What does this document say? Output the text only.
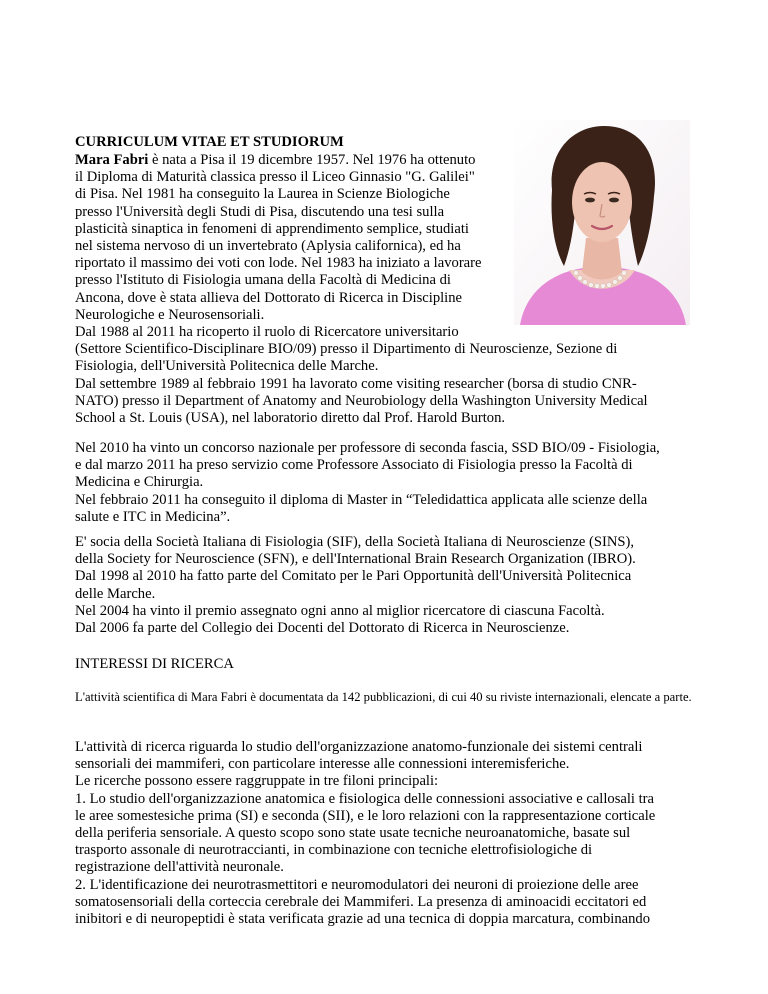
CURRICULUM VITAE ET STUDIORUM

Mara Fabri è nata a Pisa il 19 dicembre 1957. Nel 1976 ha ottenuto

il Diploma di Maturità classica presso il Liceo Ginnasio "G. Galilei"

di Pisa. Nel 1981 ha conseguito la Laurea in Scienze Biologiche

presso l'Università degli Studi di Pisa, discutendo una tesi sulla

plasticità sinaptica in fenomeni di apprendimento semplice, studiati

nel sistema nervoso di un invertebrato (Aplysia californica), ed ha

riportato il massimo dei voti con lode. Nel 1983 ha iniziato a lavorare

presso l'Istituto di Fisiologia umana della Facoltà di Medicina di

Ancona, dove è stata allieva del Dottorato di Ricerca in Discipline

Neurologiche e Neurosensoriali.

Dal 1988 al 2011 ha ricoperto il ruolo di Ricercatore universitario

(Settore Scientifico-Disciplinare BIO/09) presso il Dipartimento di Neuroscienze, Sezione di

Fisiologia, dell'Università Politecnica delle Marche.

Dal settembre 1989 al febbraio 1991 ha lavorato come visiting researcher (borsa di studio CNR-

NATO) presso il Department of Anatomy and Neurobiology della Washington University Medical

School a St. Louis (USA), nel laboratorio diretto dal Prof. Harold Burton.

Nel 2010 ha vinto un concorso nazionale per professore di seconda fascia, SSD BIO/09 - Fisiologia,

e dal marzo 2011 ha preso servizio come Professore Associato di Fisiologia presso la Facoltà di

Medicina e Chirurgia.

Nel febbraio 2011 ha conseguito il diploma di Master in “Teledidattica applicata alle scienze della

salute e ITC in Medicina”.

E' socia della Società Italiana di Fisiologia (SIF), della Società Italiana di Neuroscienze (SINS),

della Society for Neuroscience (SFN), e dell'International Brain Research Organization (IBRO).

Dal 1998 al 2010 ha fatto parte del Comitato per le Pari Opportunità dell'Università Politecnica

delle Marche.

Nel 2004 ha vinto il premio assegnato ogni anno al miglior ricercatore di ciascuna Facoltà.

Dal 2006 fa parte del Collegio dei Docenti del Dottorato di Ricerca in Neuroscienze.

INTERESSI DI RICERCA

L'attività scientifica di Mara Fabri è documentata da 142 pubblicazioni, di cui 40 su riviste internazionali, elencate a parte.

L'attività di ricerca riguarda lo studio dell'organizzazione anatomo-funzionale dei sistemi centrali

sensoriali dei mammiferi, con particolare interesse alle connessioni interemisferiche.

Le ricerche possono essere raggruppate in tre filoni principali:

1. Lo studio dell'organizzazione anatomica e fisiologica delle connessioni associative e callosali tra

le aree somestesiche prima (SI) e seconda (SII), e le loro relazioni con la rappresentazione corticale

della periferia sensoriale. A questo scopo sono state usate tecniche neuroanatomiche, basate sul

trasporto assonale di neurotraccianti, in combinazione con tecniche elettrofisiologiche di

registrazione dell'attività neuronale.

2. L'identificazione dei neurotrasmettitori e neuromodulatori dei neuroni di proiezione delle aree

somatosensoriali della corteccia cerebrale dei Mammiferi. La presenza di aminoacidi eccitatori ed

inibitori e di neuropeptidi è stata verificata grazie ad una tecnica di doppia marcatura, combinando
